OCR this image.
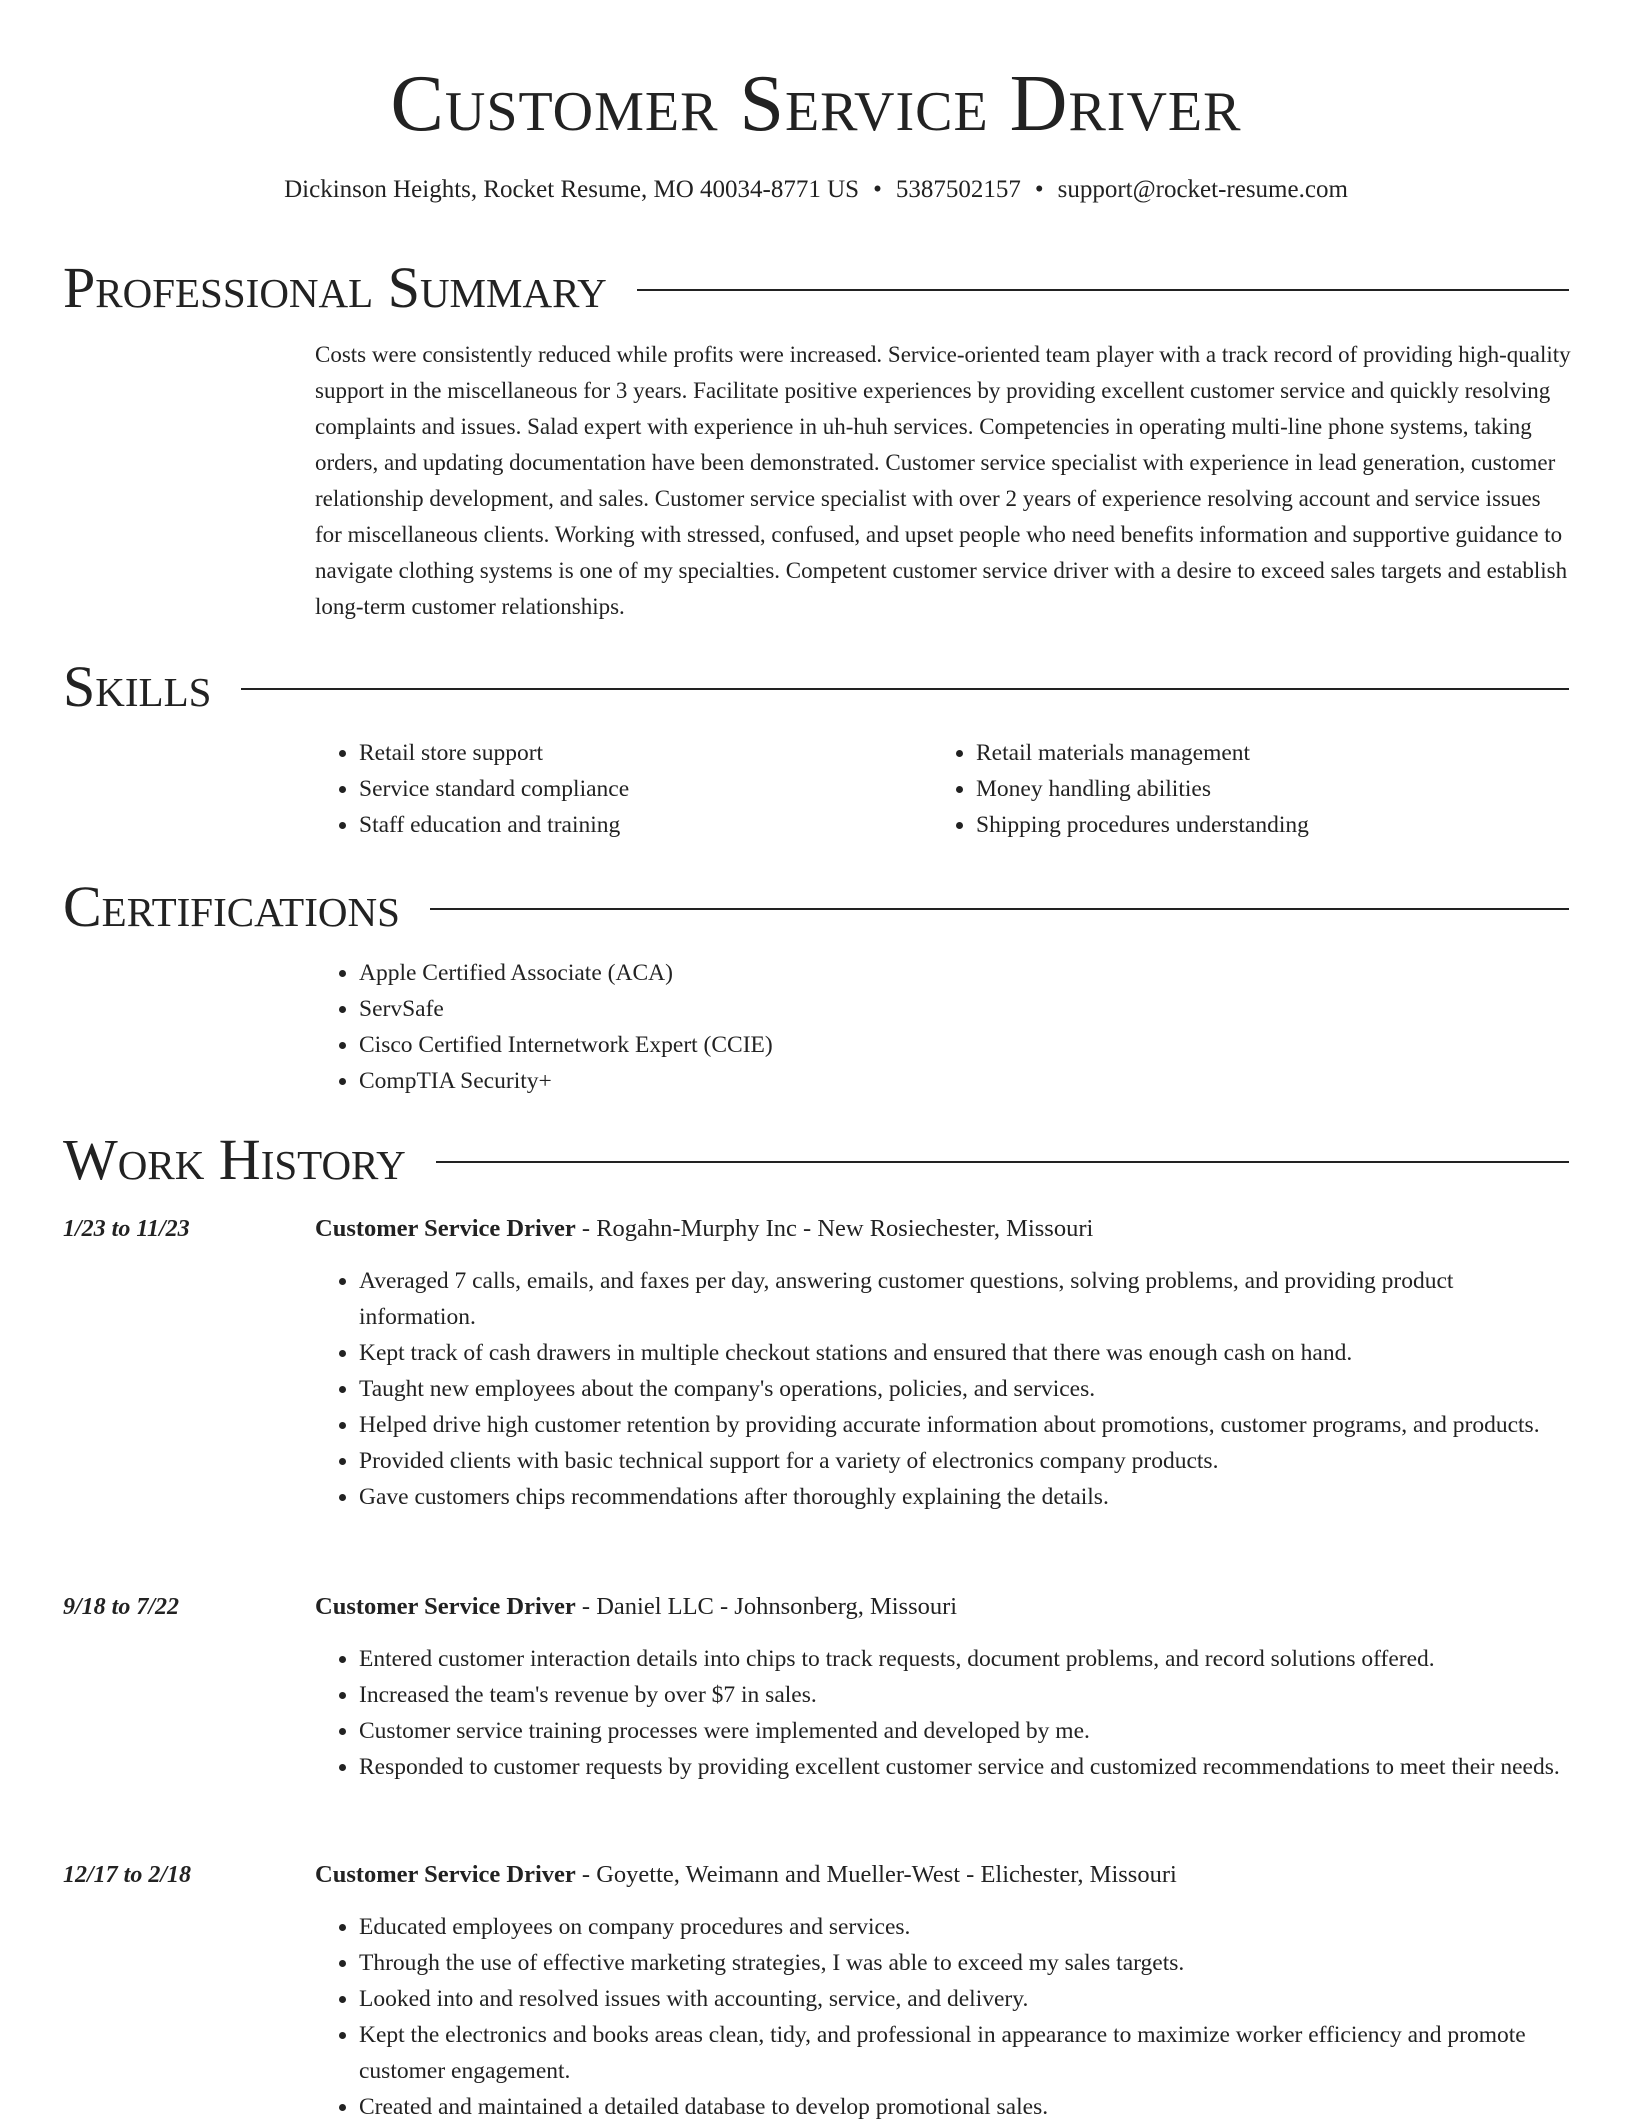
Customer Service Driver
Dickinson Heights, Rocket Resume, MO 40034-8771 US • 5387502157 • support@rocket-resume.com
Professional Summary

Costs were consistently reduced while profits were increased. Service-oriented team player with a track record of providing high-quality support in the miscellaneous for 3 years. Facilitate positive experiences by providing excellent customer service and quickly resolving complaints and issues. Salad expert with experience in uh-huh services. Competencies in operating multi-line phone systems, taking orders, and updating documentation have been demonstrated. Customer service specialist with experience in lead generation, customer relationship development, and sales. Customer service specialist with over 2 years of experience resolving account and service issues for miscellaneous clients. Working with stressed, confused, and upset people who need benefits information and supportive guidance to navigate clothing systems is one of my specialties. Competent customer service driver with a desire to exceed sales targets and establish long-term customer relationships.

Skills
• Retail store support
• Service standard compliance
• Staff education and training
• Retail materials management
• Money handling abilities
• Shipping procedures understanding
Certifications
• Apple Certified Associate (ACA)
• ServSafe
• Cisco Certified Internetwork Expert (CCIE)
• CompTIA Security+
Work History
1/23 to 11/23	Customer Service Driver - Rogahn-Murphy Inc - New Rosiechester, Missouri
• Averaged 7 calls, emails, and faxes per day, answering customer questions, solving problems, and providing product information.
• Kept track of cash drawers in multiple checkout stations and ensured that there was enough cash on hand.
• Taught new employees about the company's operations, policies, and services.
• Helped drive high customer retention by providing accurate information about promotions, customer programs, and products.
• Provided clients with basic technical support for a variety of electronics company products.
• Gave customers chips recommendations after thoroughly explaining the details.
9/18 to 7/22	Customer Service Driver - Daniel LLC - Johnsonberg, Missouri
• Entered customer interaction details into chips to track requests, document problems, and record solutions offered.
• Increased the team's revenue by over $7 in sales.
• Customer service training processes were implemented and developed by me.
• Responded to customer requests by providing excellent customer service and customized recommendations to meet their needs.
12/17 to 2/18	Customer Service Driver - Goyette, Weimann and Mueller-West - Elichester, Missouri
• Educated employees on company procedures and services.
• Through the use of effective marketing strategies, I was able to exceed my sales targets.
• Looked into and resolved issues with accounting, service, and delivery.
• Kept the electronics and books areas clean, tidy, and professional in appearance to maximize worker efficiency and promote customer engagement.
• Created and maintained a detailed database to develop promotional sales.
